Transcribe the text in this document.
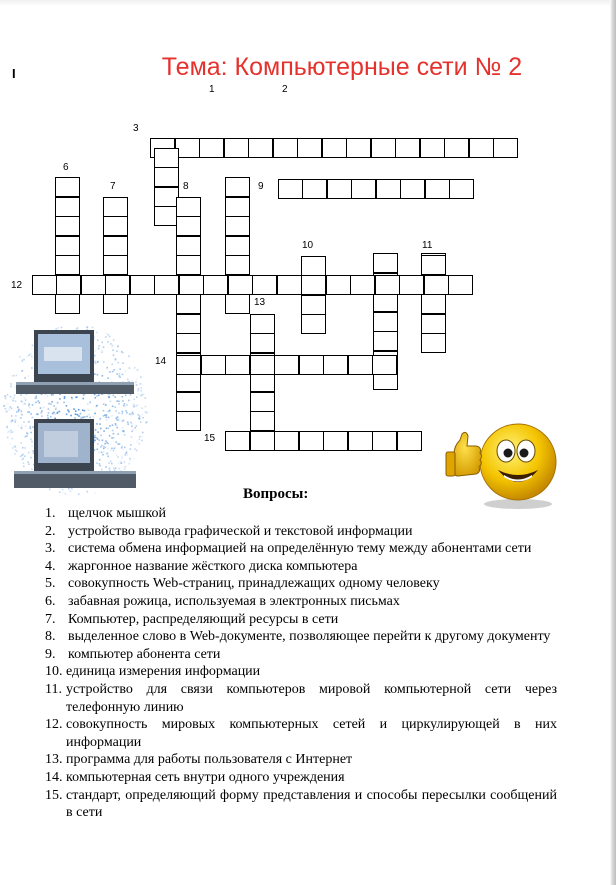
I	Тема: Компьютерные сети № 2
1	2
3
6
7	8	9
10	11
12
13
14
15
Вопросы:
1. щелчок мышкой
2. устройство вывода графической и текстовой информации
3. система обмена информацией на определённую тему между абонентами сети
4. жаргонное название жёсткого диска компьютера
5. совокупность Web-страниц, принадлежащих одному человеку
6. забавная рожица, используемая в электронных письмах
7. Компьютер, распределяющий ресурсы в сети
8. выделенное слово в Web-документе, позволяющее перейти к другому документу
9. компьютер абонента сети
10. единица измерения информации
11. устройство для связи компьютеров мировой компьютерной сети через телефонную линию
12. совокупность мировых компьютерных сетей и циркулирующей в них информации
13. программа для работы пользователя с Интернет
14. компьютерная сеть внутри одного учреждения
15. стандарт, определяющий форму представления и способы пересылки сообщений в сети
